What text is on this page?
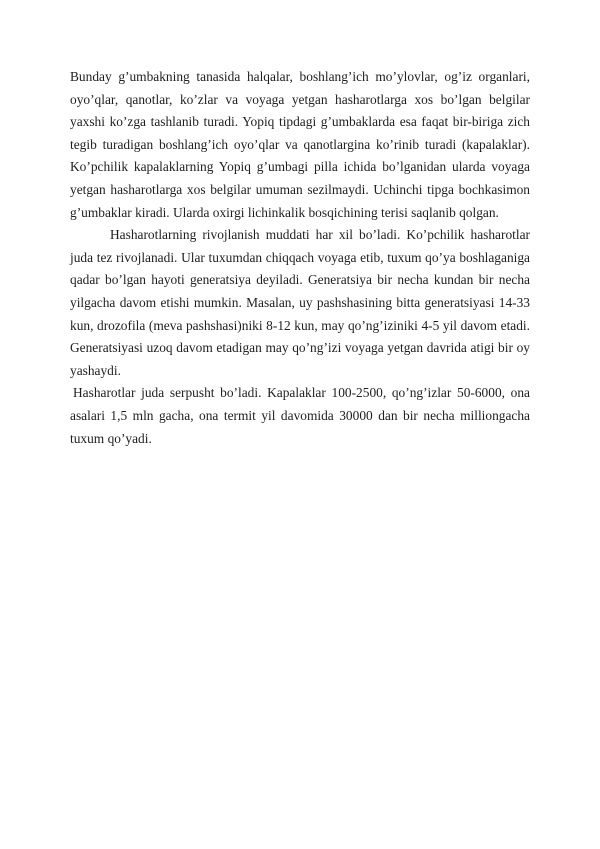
Bunday g’umbakning tanasida halqalar, boshlang’ich mo’ylovlar, og’iz organlari, oyo’qlar, qanotlar, ko’zlar va voyaga yetgan hasharotlarga xos bo’lgan belgilar yaxshi ko’zga tashlanib turadi. Yopiq tipdagi g’umbaklarda esa faqat bir-biriga zich tegib turadigan boshlang’ich oyo’qlar va qanotlargina ko’rinib turadi (kapalaklar). Ko’pchilik kapalaklarning Yopiq g’umbagi pilla ichida bo’lganidan ularda voyaga yetgan hasharotlarga xos belgilar umuman sezilmaydi. Uchinchi tipga bochkasimon g’umbaklar kiradi. Ularda oxirgi lichinkalik bosqichining terisi saqlanib qolgan.

Hasharotlarning rivojlanish muddati har xil bo’ladi. Ko’pchilik hasharotlar juda tez rivojlanadi. Ular tuxumdan chiqqach voyaga etib, tuxum qo’ya boshlaganiga qadar bo’lgan hayoti generatsiya deyiladi. Generatsiya bir necha kundan bir necha yilgacha davom etishi mumkin. Masalan, uy pashshasining bitta generatsiyasi 14-33 kun, drozofila (meva pashshasi)niki 8-12 kun, may qo’ng’iziniki 4-5 yil davom etadi. Generatsiyasi uzoq davom etadigan may qo’ng’izi voyaga yetgan davrida atigi bir oy yashaydi.

Hasharotlar juda serpusht bo’ladi. Kapalaklar 100-2500, qo’ng’izlar 50-6000, ona asalari 1,5 mln gacha, ona termit yil davomida 30000 dan bir necha milliongacha tuxum qo’yadi.
